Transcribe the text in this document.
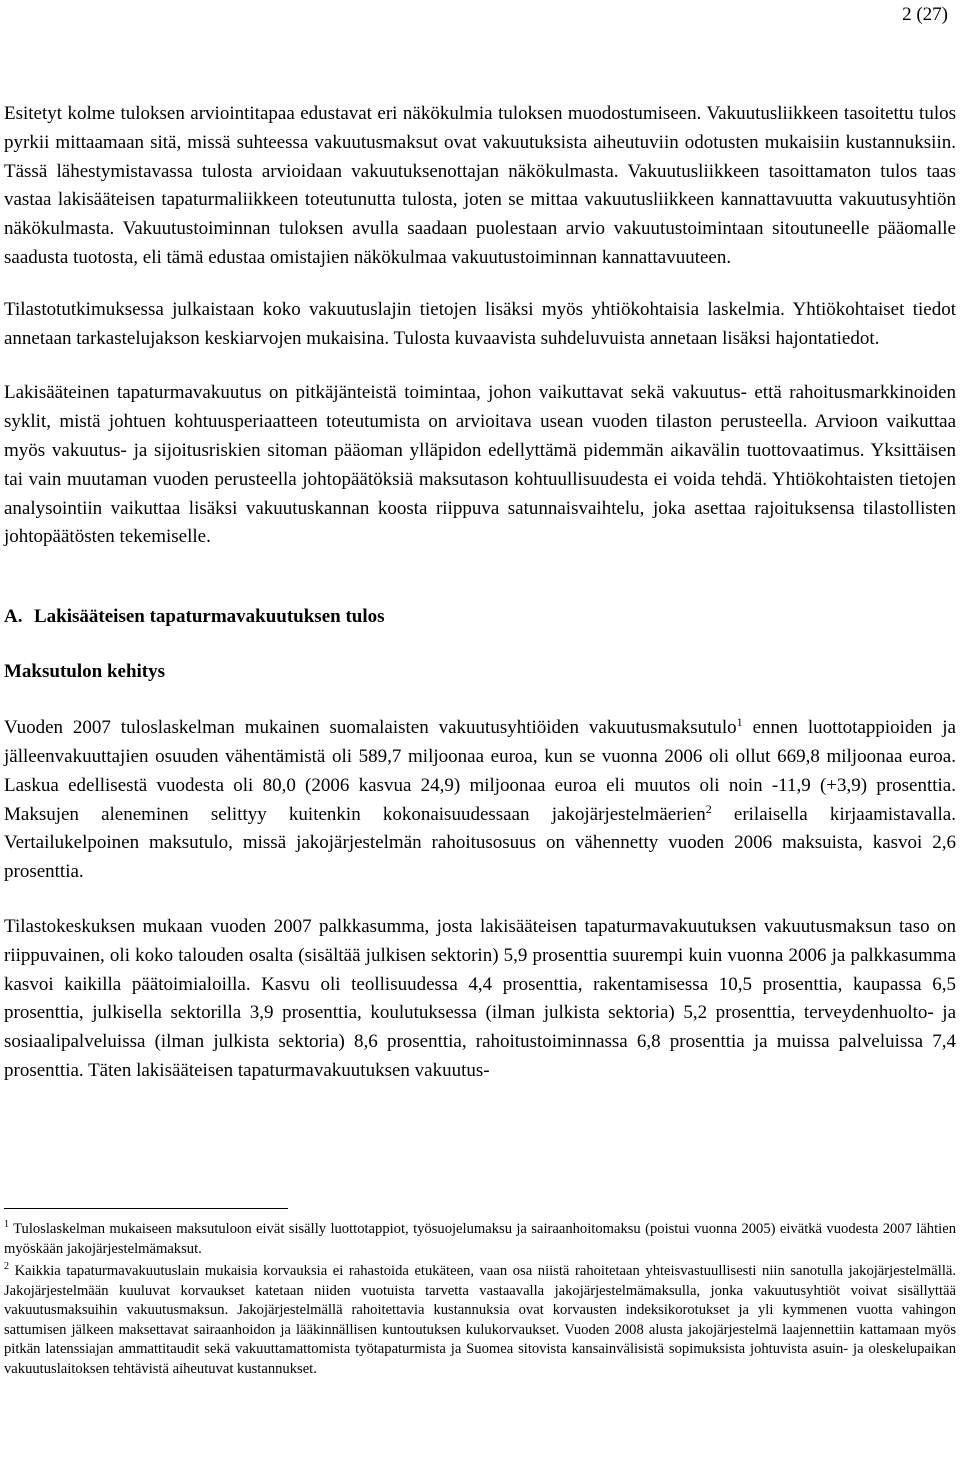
2 (27)

Esitetyt kolme tuloksen arviointitapaa edustavat eri näkökulmia tuloksen muodostumiseen. Vakuutusliikkeen tasoitettu tulos pyrkii mittaamaan sitä, missä suhteessa vakuutusmaksut ovat vakuutuksista aiheutuviin odotusten mukaisiin kustannuksiin. Tässä lähestymistavassa tulosta arvioidaan vakuutuksenottajan näkökulmasta. Vakuutusliikkeen tasoittamaton tulos taas vastaa lakisääteisen tapaturmaliikkeen toteutunutta tulosta, joten se mittaa vakuutusliikkeen kannattavuutta vakuutusyhtiön näkökulmasta. Vakuutustoiminnan tuloksen avulla saadaan puolestaan arvio vakuutustoimintaan sitoutuneelle pääomalle saadusta tuotosta, eli tämä edustaa omistajien näkökulmaa vakuutustoiminnan kannattavuuteen.

Tilastotutkimuksessa julkaistaan koko vakuutuslajin tietojen lisäksi myös yhtiökohtaisia laskelmia. Yhtiökohtaiset tiedot annetaan tarkastelujakson keskiarvojen mukaisina. Tulosta kuvaavista suhdeluvuista annetaan lisäksi hajontatiedot.

Lakisääteinen tapaturmavakuutus on pitkäjänteistä toimintaa, johon vaikuttavat sekä vakuutus- että rahoitusmarkkinoiden syklit, mistä johtuen kohtuusperiaatteen toteutumista on arvioitava usean vuoden tilaston perusteella. Arvioon vaikuttaa myös vakuutus- ja sijoitusriskien sitoman pääoman ylläpidon edellyttämä pidemmän aikavälin tuottovaatimus. Yksittäisen tai vain muutaman vuoden perusteella johtopäätöksiä maksutason kohtuullisuudesta ei voida tehdä. Yhtiökohtaisten tietojen analysointiin vaikuttaa lisäksi vakuutuskannan koosta riippuva satunnaisvaihtelu, joka asettaa rajoituksensa tilastollisten johtopäätösten tekemiselle.

A. Lakisääteisen tapaturmavakuutuksen tulos
Maksutulon kehitys

Vuoden 2007 tuloslaskelman mukainen suomalaisten vakuutusyhtiöiden vakuutusmaksutulo$^1$ ennen luottotappioiden ja jälleenvakuuttajien osuuden vähentämistä oli 589,7 miljoonaa euroa, kun se vuonna 2006 oli ollut 669,8 miljoonaa euroa. Laskua edellisestä vuodesta oli 80,0 (2006 kasvua 24,9) miljoonaa euroa eli muutos oli noin -11,9 (+3,9) prosenttia. Maksujen aleneminen selittyy kuitenkin kokonaisuudessaan jakojärjestelmäerien$^2$ erilaisella kirjaamistavalla. Vertailukelpoinen maksutulo, missä jakojärjestelmän rahoitusosuus on vähennetty vuoden 2006 maksuista, kasvoi 2,6 prosenttia.

Tilastokeskuksen mukaan vuoden 2007 palkkasumma, josta lakisääteisen tapaturmavakuutuksen vakuutusmaksun taso on riippuvainen, oli koko talouden osalta (sisältää julkisen sektorin) 5,9 prosenttia suurempi kuin vuonna 2006 ja palkkasumma kasvoi kaikilla päätoimialoilla. Kasvu oli teollisuudessa 4,4 prosenttia, rakentamisessa 10,5 prosenttia, kaupassa 6,5 prosenttia, julkisella sektorilla 3,9 prosenttia, koulutuksessa (ilman julkista sektoria) 5,2 prosenttia, terveydenhuolto- ja sosiaalipalveluissa (ilman julkista sektoria) 8,6 prosenttia, rahoitustoiminnassa 6,8 prosenttia ja muissa palveluissa 7,4 prosenttia. Täten lakisääteisen tapaturmavakuutuksen vakuutus-

$^1$ Tuloslaskelman mukaiseen maksutuloon eivät sisälly luottotappiot, työsuojelumaksu ja sairaanhoitomaksu (poistui vuonna 2005) eivätkä vuodesta 2007 lähtien myöskään jakojärjestelmämaksut.

$^2$ Kaikkia tapaturmavakuutuslain mukaisia korvauksia ei rahastoida etukäteen, vaan osa niistä rahoitetaan yhteisvastuullisesti niin sanotulla jakojärjestelmällä. Jakojärjestelmään kuuluvat korvaukset katetaan niiden vuotuista tarvetta vastaavalla jakojärjestelmämaksulla, jonka vakuutusyhtiöt voivat sisällyttää vakuutusmaksuihin vakuutusmaksun. Jakojärjestelmällä rahoitettavia kustannuksia ovat korvausten indeksikorotukset ja yli kymmenen vuotta vahingon sattumisen jälkeen maksettavat sairaanhoidon ja lääkinnällisen kuntoutuksen kulukorvaukset. Vuoden 2008 alusta jakojärjestelmä laajennettiin kattamaan myös pitkän latenssiajan ammattitaudit sekä vakuuttamattomista työtapaturmista ja Suomea sitovista kansainvälisistä sopimuksista johtuvista asuin- ja oleskelupaikan vakuutuslaitoksen tehtävistä aiheutuvat kustannukset.
